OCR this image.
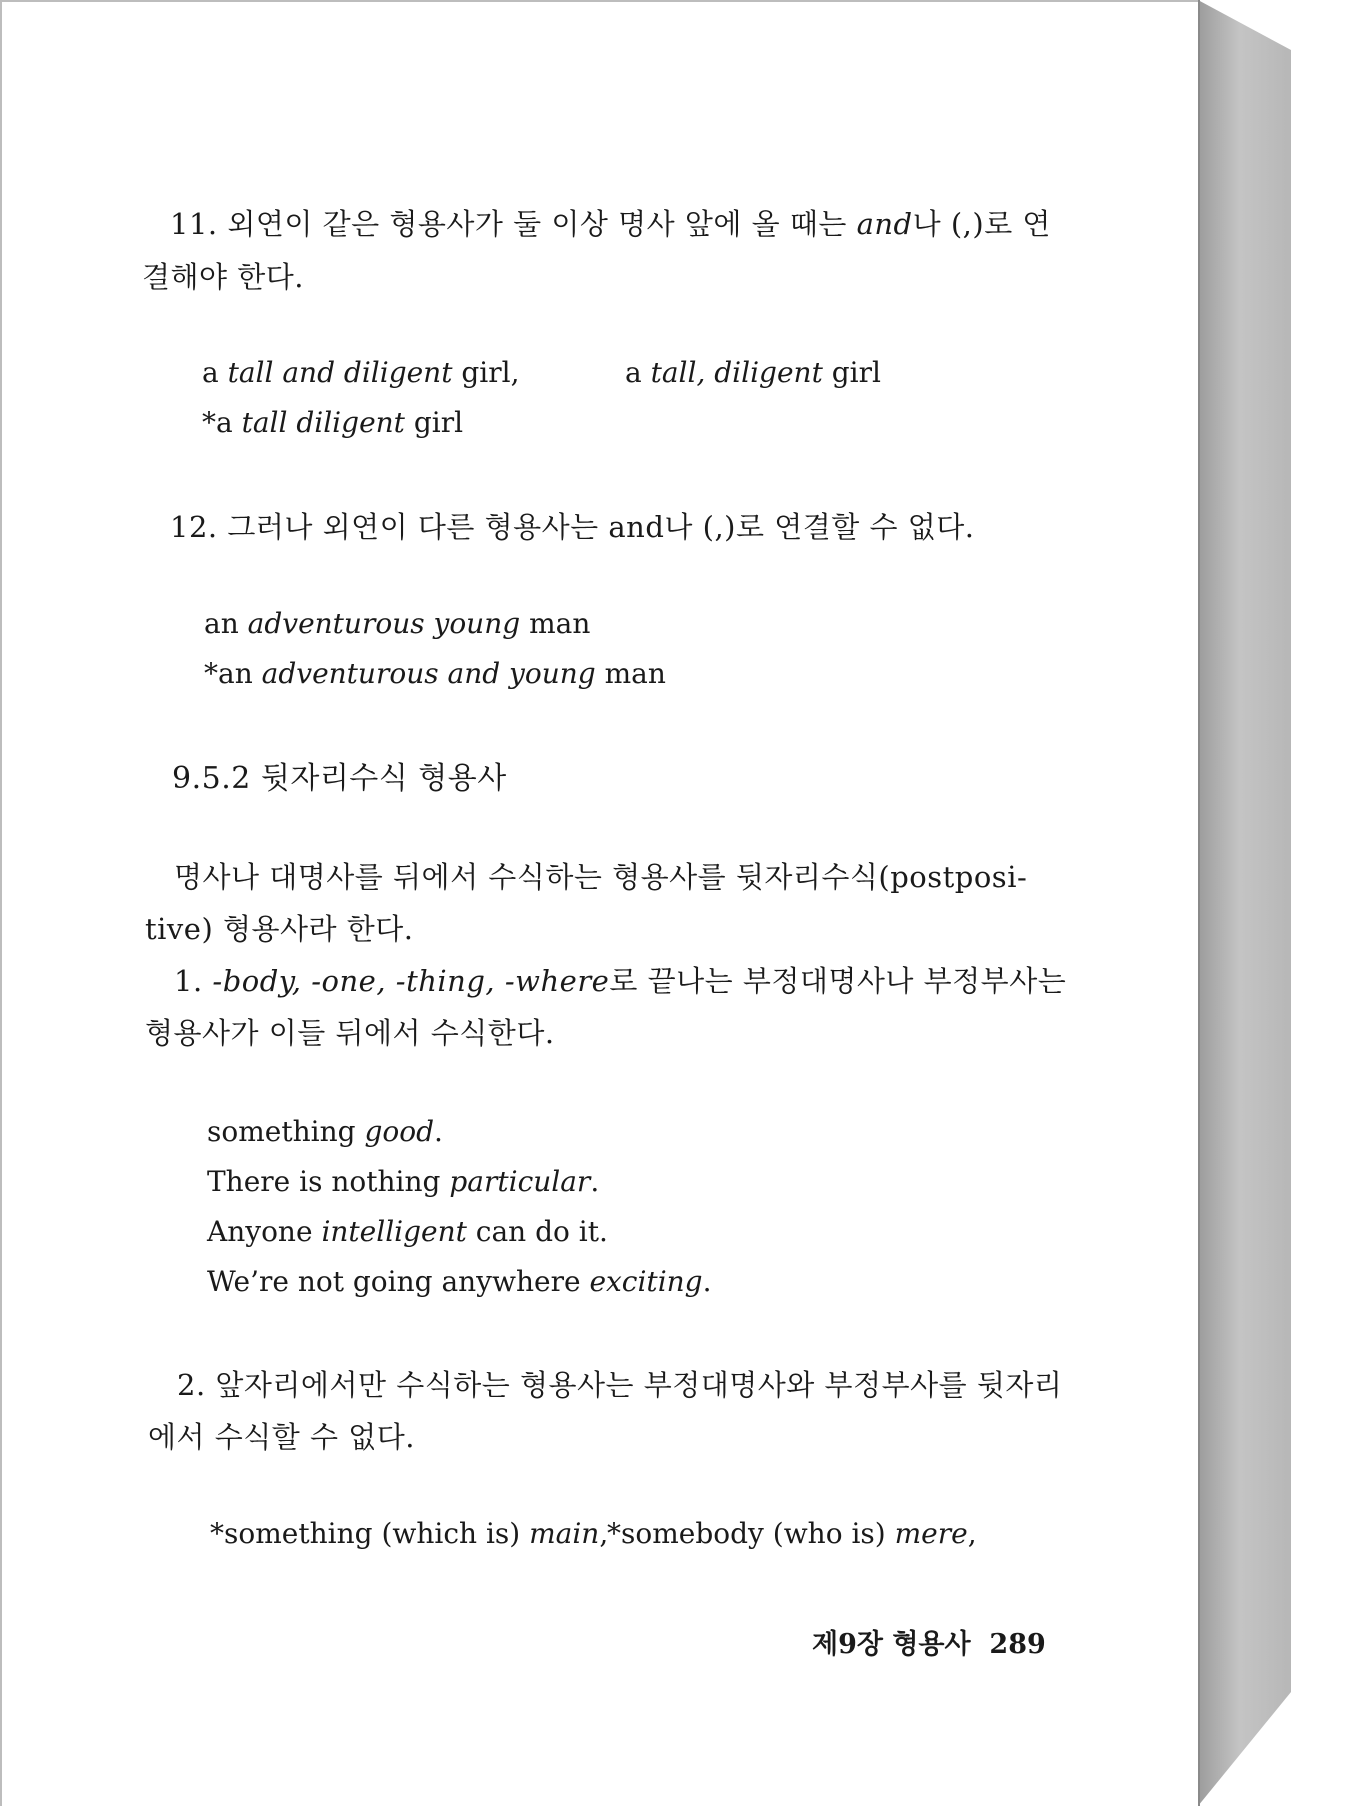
11. 외연이 같은 형용사가 둘 이상 명사 앞에 올 때는 and나 (,)로 연
결해야 한다.
a tall and diligent girl,	a tall, diligent girl
*a tall diligent girl
12. 그러나 외연이 다른 형용사는 and나 (,)로 연결할 수 없다.
an adventurous young man
*an adventurous and young man
9.5.2 뒷자리수식 형용사
명사나 대명사를 뒤에서 수식하는 형용사를 뒷자리수식(postposi-
tive) 형용사라 한다.
1. -body, -one, -thing, -where로 끝나는 부정대명사나 부정부사는
형용사가 이들 뒤에서 수식한다.
something good.
There is nothing particular.
Anyone intelligent can do it.
We’re not going anywhere exciting.
2. 앞자리에서만 수식하는 형용사는 부정대명사와 부정부사를 뒷자리
에서 수식할 수 없다.
*something (which is) main,
*somebody (who is) mere,
제9장 형용사 289
